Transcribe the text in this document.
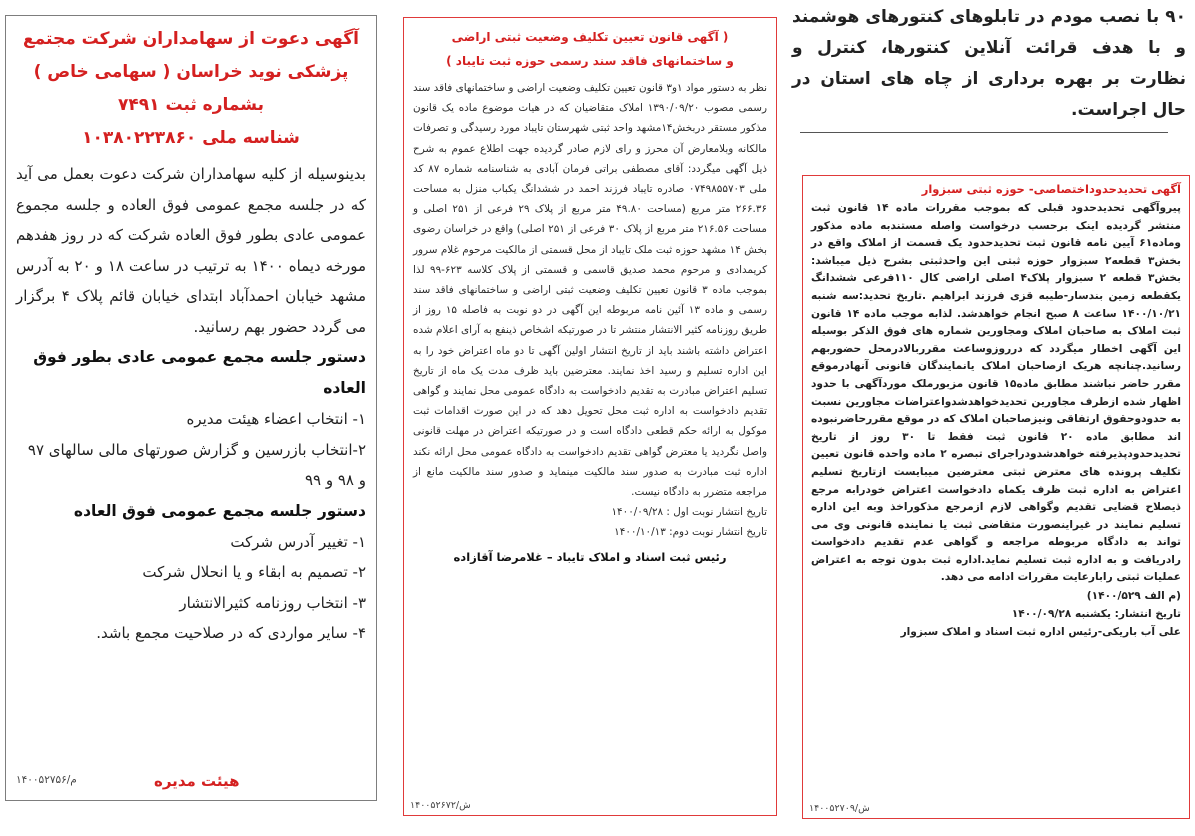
۹۰ با نصب مودم در تابلوهای کنتورهای هوشمند و با هدف قرائت آنلاین کنتورها، کنترل و نظارت بر بهره برداری از چاه های استان در حال اجراست.

آگهی تحدیدحدوداختصاصی- حوزه ثبتی سبزوار

پیروآگهی تحدیدحدود قبلی که بموجب مقررات ماده ۱۴ قانون ثبت منتشر گردیده اینک برحسب درخواست واصله مستندبه ماده مذکور وماده۶۱ آیین نامه قانون ثبت تحدیدحدود یک قسمت از املاک واقع در بخش۳ قطعه۲ سبزوار حوزه ثبتی این واحدثبتی بشرح ذیل میباشد: بخش۳ قطعه ۲ سبزوار پلاک۴ اصلی اراضی کال ۱۱۰فرعی ششدانگ یکقطعه زمین بندسار-طیبه قزی فرزند ابراهیم .تاریخ تحدید:سه شنبه ۱۴۰۰/۱۰/۲۱ ساعت ۸ صبح انجام خواهدشد. لذابه موجب ماده ۱۴ قانون ثبت املاک به صاحبان املاک ومجاورین شماره های فوق الذکر بوسیله این آگهی اخطار میگردد که درروزوساعت مقرربالادرمحل حضوربهم رسانید.چنانچه هریک ازصاحبان املاک یانمایندگان قانونی آنهادرموقع مقرر حاضر نباشند مطابق ماده۱۵ قانون مزبورملک موردآگهی با حدود اظهار شده ازطرف مجاورین تحدیدخواهدشدواعتراضات مجاورین نسبت به حدودوحقوق ارتفاقی ونیزصاحبان املاک که در موقع مقررحاضرنبوده اند مطابق ماده ۲۰ قانون ثبت فقط تا ۳۰ روز از تاریخ تحدیدحدودپذیرفته خواهدشدودراجرای تبصره ۲ ماده واحده قانون تعیین تکلیف پرونده های معترض ثبتی معترضین میبایست ازتاریخ تسلیم اعتراض به اداره ثبت ظرف یکماه دادخواست اعتراض خودرابه مرجع ذیصلاح قضایی تقدیم وگواهی لازم ازمرجع مذکوراخذ وبه این اداره تسلیم نمایند در غیراینصورت متقاضی ثبت یا نماینده قانونی وی می تواند به دادگاه مربوطه مراجعه و گواهی عدم تقدیم دادخواست رادریافت و به اداره ثبت تسلیم نماید.اداره ثبت بدون توجه به اعتراض عملیات ثبتی رابارعایت مقررات ادامه می دهد.

(م الف ۱۴۰۰/۵۲۹)
تاریخ انتشار: یکشنبه ۱۴۰۰/۰۹/۲۸
علی آب باریکی-رئیس اداره ثبت اسناد و املاک سبزوار
۱۴۰۰۵۲۷۰۹/ش
( آگهی قانون تعیین تکلیف وضعیت ثبتی اراضی
و ساختمانهای فاقد سند رسمی حوزه ثبت تایباد )

نظر به دستور مواد ۱و۳ قانون تعیین تکلیف وضعیت اراضی و ساختمانهای فاقد سند رسمی مصوب ۱۳۹۰/۰۹/۲۰ املاک متقاضیان که در هیات موضوع ماده یک قانون مذکور مستقر دربخش۱۴مشهد واحد ثبتی شهرستان تایباد مورد رسیدگی و تصرفات مالکانه وبلامعارض آن محرز و رای لازم صادر گردیده جهت اطلاع عموم به شرح ذیل آگهی میگردد: آقای مصطفی براتی فرمان آبادی به شناسنامه شماره ۸۷ کد ملی ۰۷۴۹۸۵۵۷۰۳ صادره تایباد فرزند احمد در ششدانگ یکباب منزل به مساحت ۲۶۶.۳۶ متر مربع (مساحت ۴۹.۸۰ متر مربع از پلاک ۲۹ فرعی از ۲۵۱ اصلی و مساحت ۲۱۶.۵۶ متر مربع از پلاک ۳۰ فرعی از ۲۵۱ اصلی) واقع در خراسان رضوی بخش ۱۴ مشهد حوزه ثبت ملک تایباد از محل قسمتی از مالکیت مرحوم غلام سرور کریمدادی و مرحوم محمد صدیق قاسمی و قسمتی از پلاک کلاسه ۶۲۳-۹۹ لذا بموجب ماده ۳ قانون تعیین تکلیف وضعیت ثبتی اراضی و ساختمانهای فاقد سند رسمی و ماده ۱۳ آئین نامه مربوطه این آگهی در دو نوبت به فاصله ۱۵ روز از طریق روزنامه کثیر الانتشار منتشر تا در صورتیکه اشخاص ذینفع به آرای اعلام شده اعتراض داشته باشند باید از تاریخ انتشار اولین آگهی تا دو ماه اعتراض خود را به این اداره تسلیم و رسید اخذ نمایند. معترضین باید ظرف مدت یک ماه از تاریخ تسلیم اعتراض مبادرت به تقدیم دادخواست به دادگاه عمومی محل نمایند و گواهی تقدیم دادخواست به اداره ثبت محل تحویل دهد که در این صورت اقدامات ثبت موکول به ارائه حکم قطعی دادگاه است و در صورتیکه اعتراض در مهلت قانونی واصل نگردید یا معترض گواهی تقدیم دادخواست به دادگاه عمومی محل ارائه نکند اداره ثبت مبادرت به صدور سند مالکیت مینماید و صدور سند مالکیت مانع از مراجعه متضرر به دادگاه نیست.

تاریخ انتشار نوبت اول : ۱۴۰۰/۰۹/۲۸
تاریخ انتشار نوبت دوم: ۱۴۰۰/۱۰/۱۳
رئیس ثبت اسناد و املاک تایباد – غلامرضا آقازاده
۱۴۰۰۵۲۶۷۲/ش
آگهی دعوت از سهامداران شرکت مجتمع
پزشکی نوید خراسان ( سهامی خاص )
بشماره ثبت ۷۴۹۱
شناسه ملی ۱۰۳۸۰۲۲۳۸۶۰

بدینوسیله از کلیه سهامداران شرکت دعوت بعمل می آید که در جلسه مجمع عمومی فوق العاده و جلسه مجموع عمومی عادی بطور فوق العاده شرکت که در روز هفدهم مورخه دیماه ۱۴۰۰ به ترتیب در ساعت ۱۸ و ۲۰ به آدرس مشهد خیابان احمدآباد ابتدای خیابان قائم پلاک ۴ برگزار می گردد حضور بهم رسانید.

دستور جلسه مجمع عمومی عادی بطور فوق العاده
۱- انتخاب اعضاء هیئت مدیره
۲-انتخاب بازرسین و گزارش صورتهای مالی سالهای ۹۷ و ۹۸ و ۹۹
دستور جلسه مجمع عمومی فوق العاده
۱- تغییر آدرس شرکت
۲- تصمیم به ابقاء و یا انحلال شرکت
۳- انتخاب روزنامه کثیرالانتشار
۴- سایر مواردی که در صلاحیت مجمع باشد.
هیئت مدیره
۱۴۰۰۵۲۷۵۶/م
